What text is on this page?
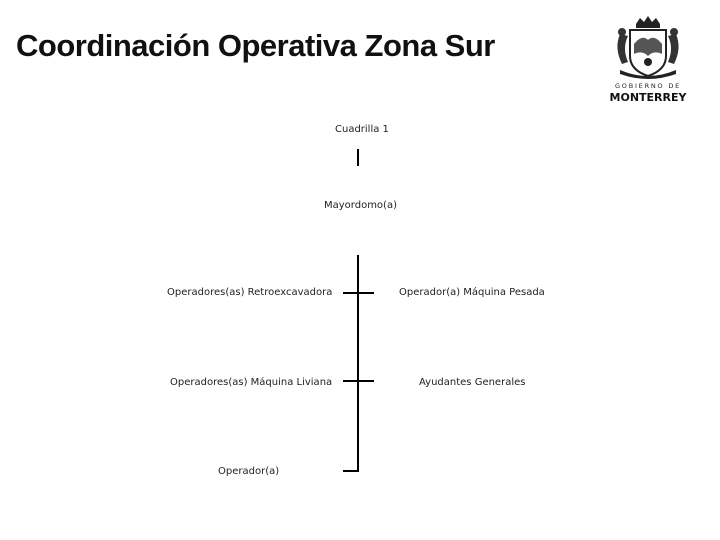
Coordinación Operativa Zona Sur
GOBIERNO DE
MONTERREY
Cuadrilla 1
Mayordomo(a)
Operadores(as) Retroexcavadora	Operador(a) Máquina Pesada
Operadores(as) Máquina Liviana	Ayudantes Generales
Operador(a)
